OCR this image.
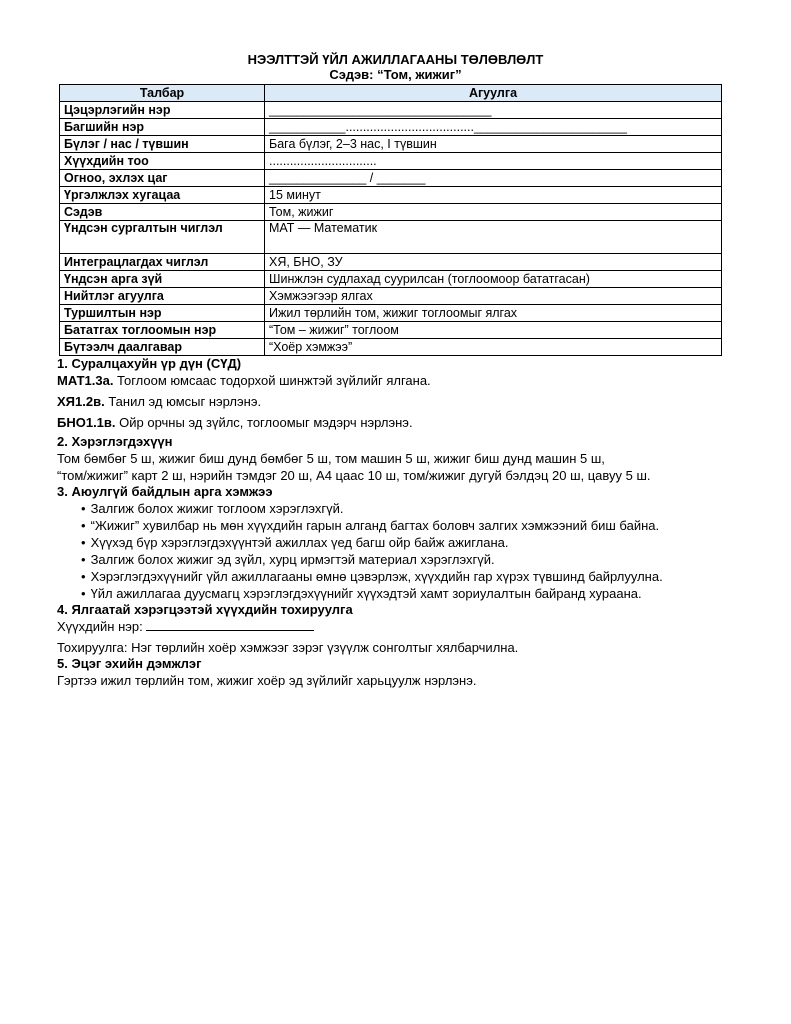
НЭЭЛТТЭЙ ҮЙЛ АЖИЛЛАГААНЫ ТӨЛӨВЛӨЛТ
Сэдэв: “Том, жижиг”
Талбар	Агуулга
Цэцэрлэгийн нэр	________________________________
Багшийн нэр	___________.....................................______________________
Бүлэг / нас / түвшин	Бага бүлэг, 2–3 нас, I түвшин
Хүүхдийн тоо	...............................
Огноо, эхлэх цаг	______________ / _______
Үргэлжлэх хугацаа	15 минут
Сэдэв	Том, жижиг
Үндсэн сургалтын чиглэл	МАТ — Математик
Интеграцлагдах чиглэл	ХЯ, БНО, ЗУ
Үндсэн арга зүй	Шинжлэн судлахад суурилсан (тоглоомоор бататгасан)
Нийтлэг агуулга	Хэмжээгээр ялгах
Туршилтын нэр	Ижил төрлийн том, жижиг тоглоомыг ялгах
Бататгах тоглоомын нэр	“Том – жижиг” тоглоом
Бүтээлч даалгавар	“Хоёр хэмжээ”
1. Суралцахуйн үр дүн (СҮД)
МАТ1.3а. Тоглоом юмсаас тодорхой шинжтэй зүйлийг ялгана.
ХЯ1.2в. Танил эд юмсыг нэрлэнэ.
БНО1.1в. Ойр орчны эд зүйлс, тоглоомыг мэдэрч нэрлэнэ.
2. Хэрэглэгдэхүүн
Том бөмбөг 5 ш, жижиг биш дунд бөмбөг 5 ш, том машин 5 ш, жижиг биш дунд машин 5 ш,
“том/жижиг” карт 2 ш, нэрийн тэмдэг 20 ш, А4 цаас 10 ш, том/жижиг дугуй бэлдэц 20 ш, цавуу 5 ш.
3. Аюулгүй байдлын арга хэмжээ
• Залгиж болох жижиг тоглоом хэрэглэхгүй.
• “Жижиг” хувилбар нь мөн хүүхдийн гарын алганд багтах боловч залгих хэмжээний биш байна.
• Хүүхэд бүр хэрэглэгдэхүүнтэй ажиллах үед багш ойр байж ажиглана.
• Залгиж болох жижиг эд зүйл, хурц ирмэгтэй материал хэрэглэхгүй.
• Хэрэглэгдэхүүнийг үйл ажиллагааны өмнө цэвэрлэж, хүүхдийн гар хүрэх түвшинд байрлуулна.
• Үйл ажиллагаа дуусмагц хэрэглэгдэхүүнийг хүүхэдтэй хамт зориулалтын байранд хураана.
4. Ялгаатай хэрэгцээтэй хүүхдийн тохируулга
Хүүхдийн нэр:
Тохируулга: Нэг төрлийн хоёр хэмжээг зэрэг үзүүлж сонголтыг хялбарчилна.
5. Эцэг эхийн дэмжлэг
Гэртээ ижил төрлийн том, жижиг хоёр эд зүйлийг харьцуулж нэрлэнэ.
